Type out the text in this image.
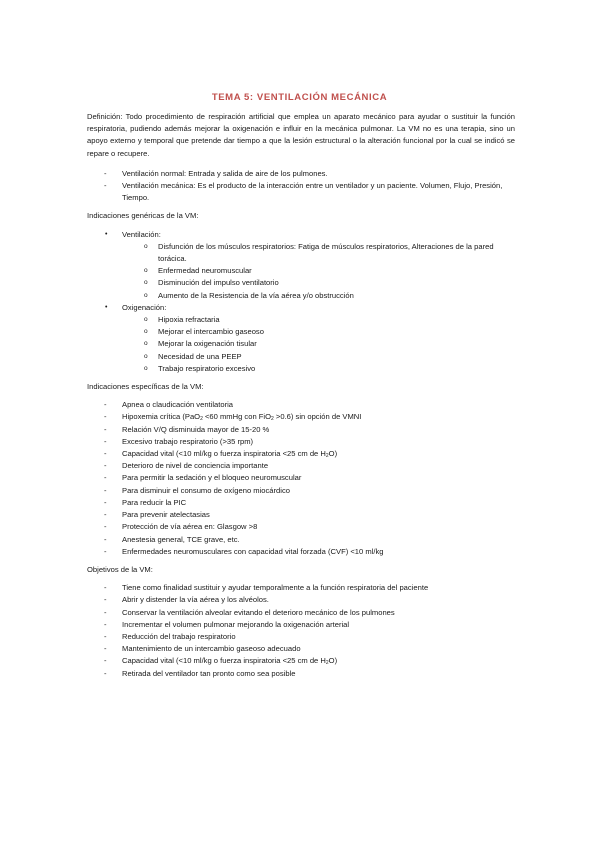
TEMA 5: VENTILACIÓN MECÁNICA

Definición: Todo procedimiento de respiración artificial que emplea un aparato mecánico para ayudar o sustituir la función respiratoria, pudiendo además mejorar la oxigenación e influir en la mecánica pulmonar. La VM no es una terapia, sino un apoyo externo y temporal que pretende dar tiempo a que la lesión estructural o la alteración funcional por la cual se indicó se repare o recupere.

- Ventilación normal: Entrada y salida de aire de los pulmones.
- Ventilación mecánica: Es el producto de la interacción entre un ventilador y un paciente. Volumen, Flujo, Presión, Tiempo.
Indicaciones genéricas de la VM:
• Ventilación:
o Disfunción de los músculos respiratorios: Fatiga de músculos respiratorios, Alteraciones de la pared torácica.
o Enfermedad neuromuscular
o Disminución del impulso ventilatorio
o Aumento de la Resistencia de la vía aérea y/o obstrucción
• Oxigenación:
o Hipoxia refractaria
o Mejorar el intercambio gaseoso
o Mejorar la oxigenación tisular
o Necesidad de una PEEP
o Trabajo respiratorio excesivo
Indicaciones específicas de la VM:
- Apnea o claudicación ventilatoria
- Hipoxemia crítica (PaO$_2$ <60 mmHg con FiO$_2$ >0.6) sin opción de VMNI
- Relación V/Q disminuida mayor de 15-20 %
- Excesivo trabajo respiratorio (>35 rpm)
- Capacidad vital (<10 ml/kg o fuerza inspiratoria <25 cm de $H_2O$)
- Deterioro de nivel de conciencia importante
- Para permitir la sedación y el bloqueo neuromuscular
- Para disminuir el consumo de oxígeno miocárdico
- Para reducir la PIC
- Para prevenir atelectasias
- Protección de vía aérea en: Glasgow >8
- Anestesia general, TCE grave, etc.
- Enfermedades neuromusculares con capacidad vital forzada (CVF) <10 ml/kg
Objetivos de la VM:
- Tiene como finalidad sustituir y ayudar temporalmente a la función respiratoria del paciente
- Abrir y distender la vía aérea y los alvéolos.
- Conservar la ventilación alveolar evitando el deterioro mecánico de los pulmones
- Incrementar el volumen pulmonar mejorando la oxigenación arterial
- Reducción del trabajo respiratorio
- Mantenimiento de un intercambio gaseoso adecuado
- Capacidad vital (<10 ml/kg o fuerza inspiratoria <25 cm de $H_2O$)
- Retirada del ventilador tan pronto como sea posible
